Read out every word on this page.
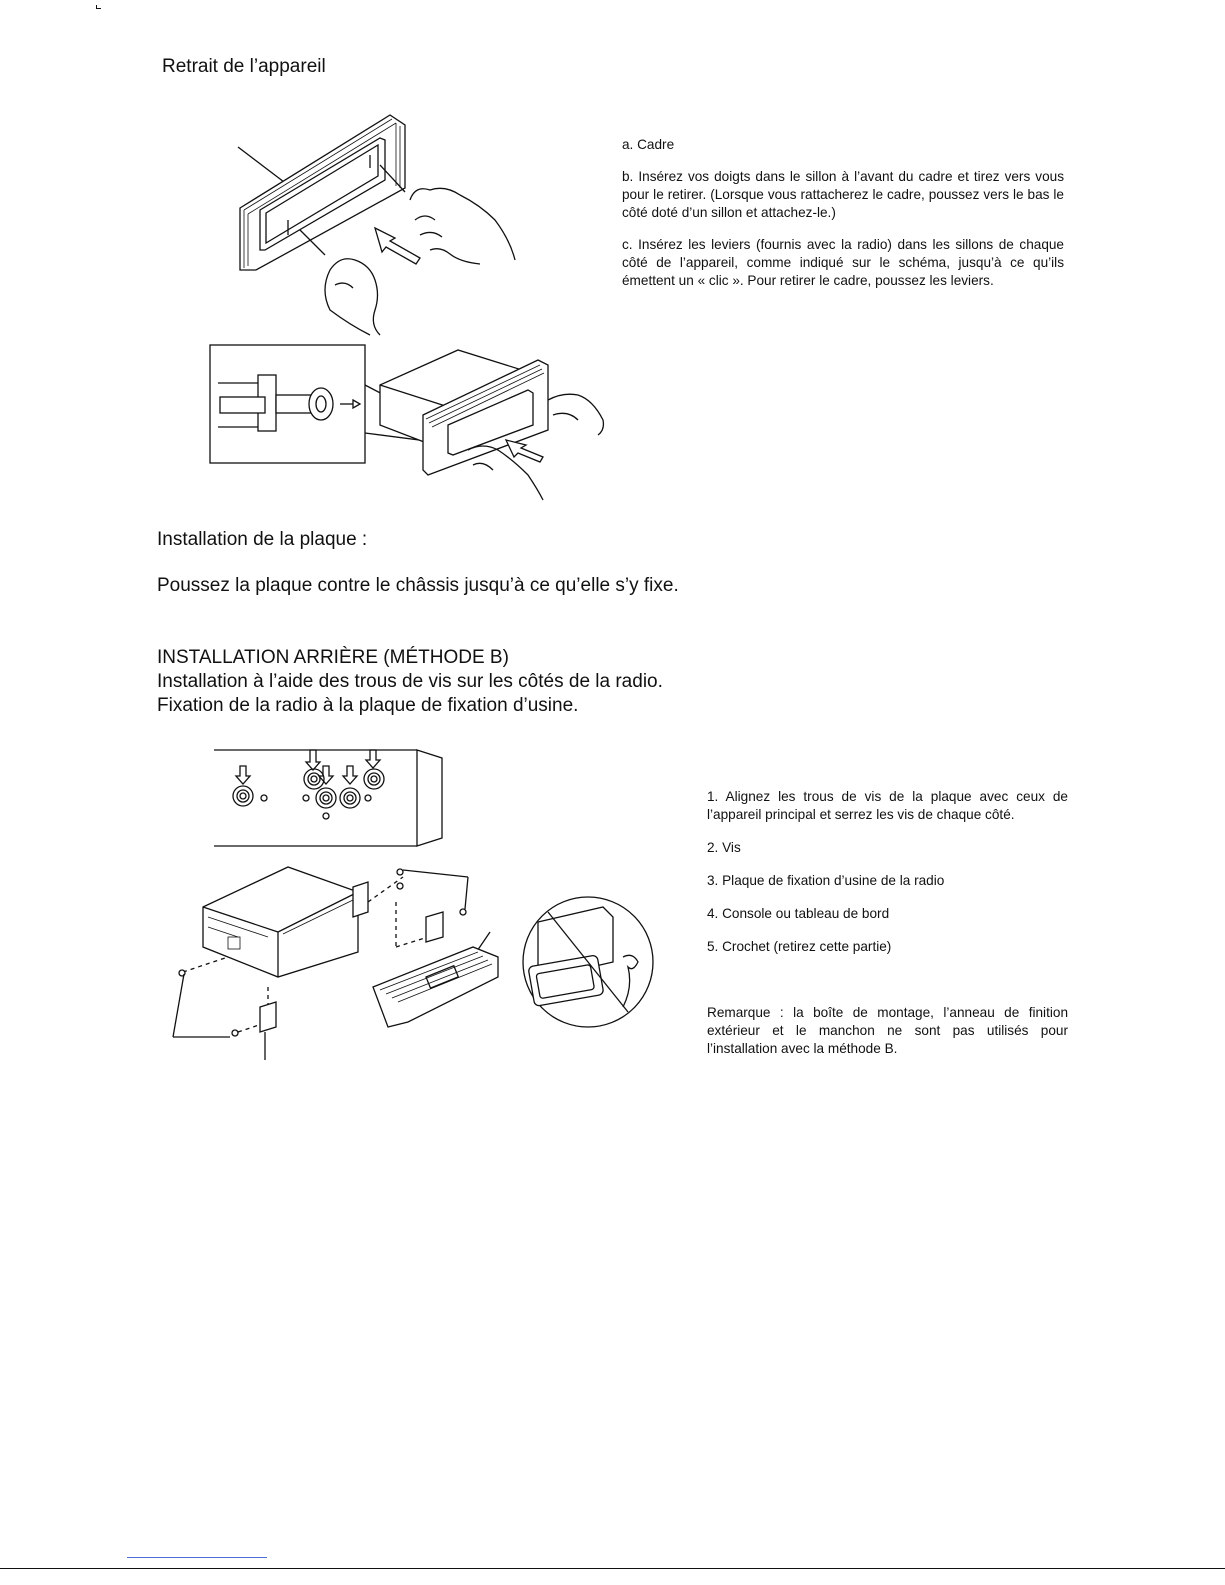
Retrait de l’appareil

a. Cadre

b. Insérez vos doigts dans le sillon à l’avant du cadre et tirez vers vous pour le retirer. (Lorsque vous rattacherez le cadre, poussez vers le bas le côté doté d’un sillon et attachez-le.)

c. Insérez les leviers (fournis avec la radio) dans les sillons de chaque côté de l’appareil, comme indiqué sur le schéma, jusqu’à ce qu’ils émettent un « clic ». Pour retirer le cadre, poussez les leviers.

Installation de la plaque :
Poussez la plaque contre le châssis jusqu’à ce qu’elle s’y fixe.
INSTALLATION ARRIÈRE (MÉTHODE B)
Installation à l’aide des trous de vis sur les côtés de la radio.
Fixation de la radio à la plaque de fixation d’usine.

1. Alignez les trous de vis de la plaque avec ceux de l’appareil principal et serrez les vis de chaque côté.

2. Vis

3. Plaque de fixation d’usine de la radio

4. Console ou tableau de bord

5. Crochet (retirez cette partie)

Remarque : la boîte de montage, l’anneau de finition extérieur et le manchon ne sont pas utilisés pour l’installation avec la méthode B.
